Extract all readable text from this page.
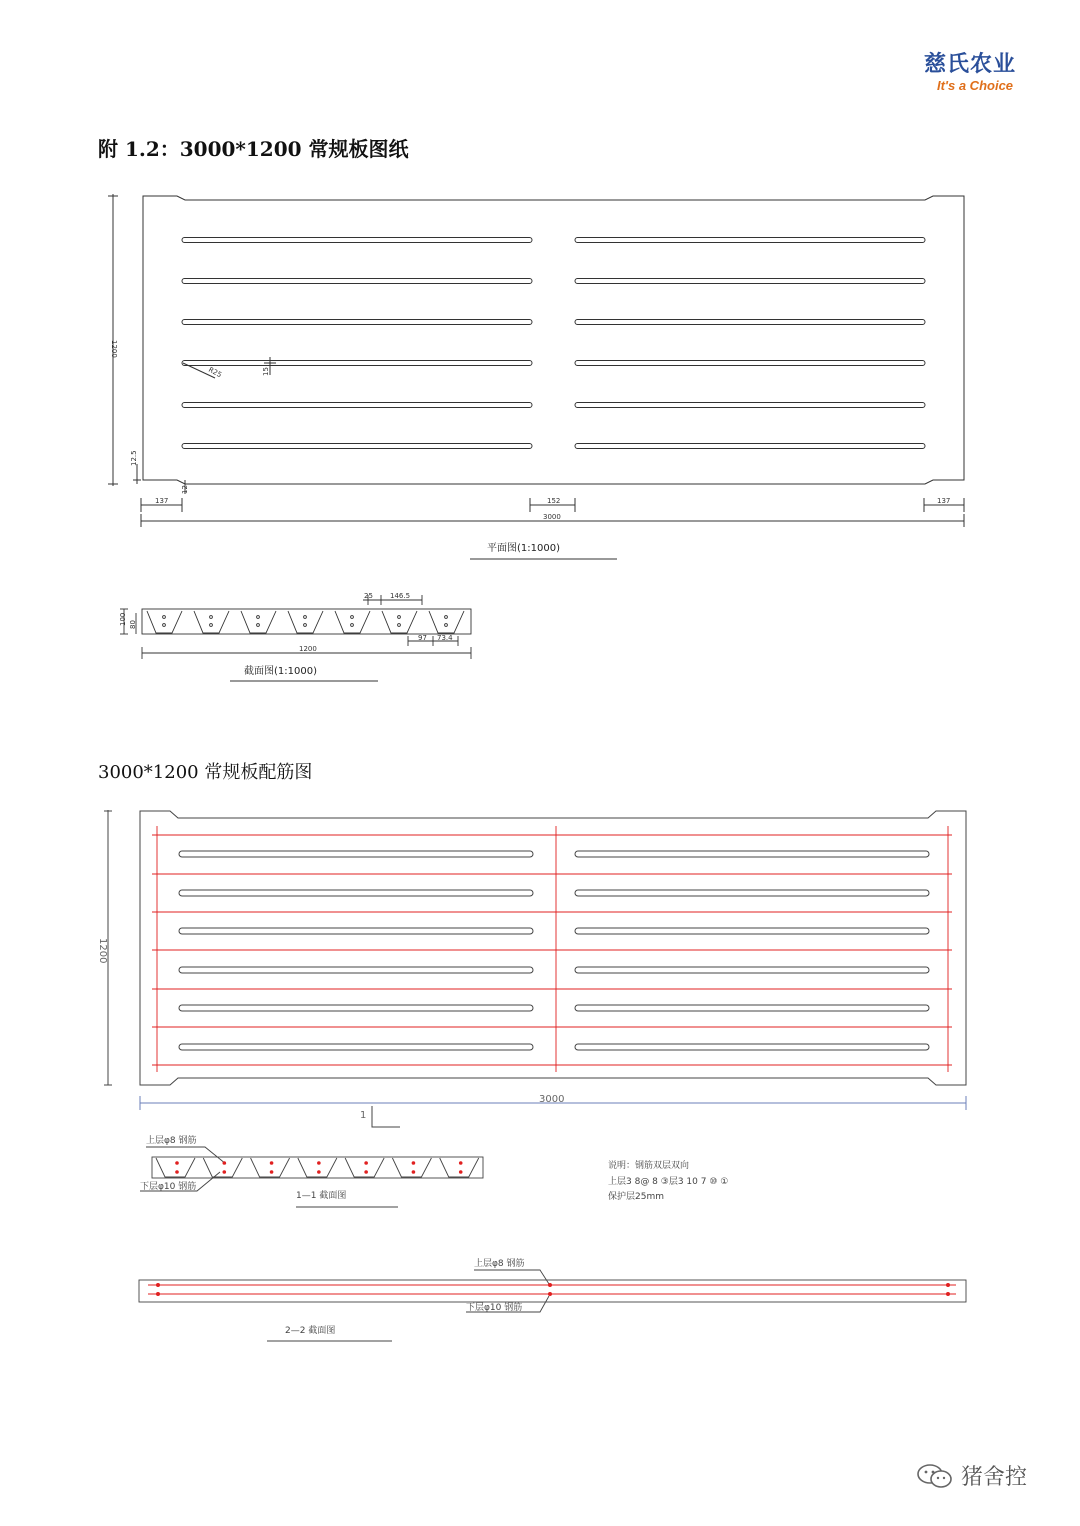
慈氏农业
It's a Choice
附 1.2：3000*1200 常规板图纸
3000*1200 常规板配筋图
1200
12.5
12
R25	15
137	152
3000
137
平面图(1:1000)
100 80
25 146.5
97 73.4
1200
截面图(1:1000)
1200
3000
1
上层φ8 钢筋
下层φ10 钢筋
1—1 截面图
说明：钢筋双层双向
上层3 8@ 8 ③层3 10 7 ⑩ ①
保护层25mm
上层φ8 钢筋
下层φ10 钢筋
2—2 截面图
猪舍控
